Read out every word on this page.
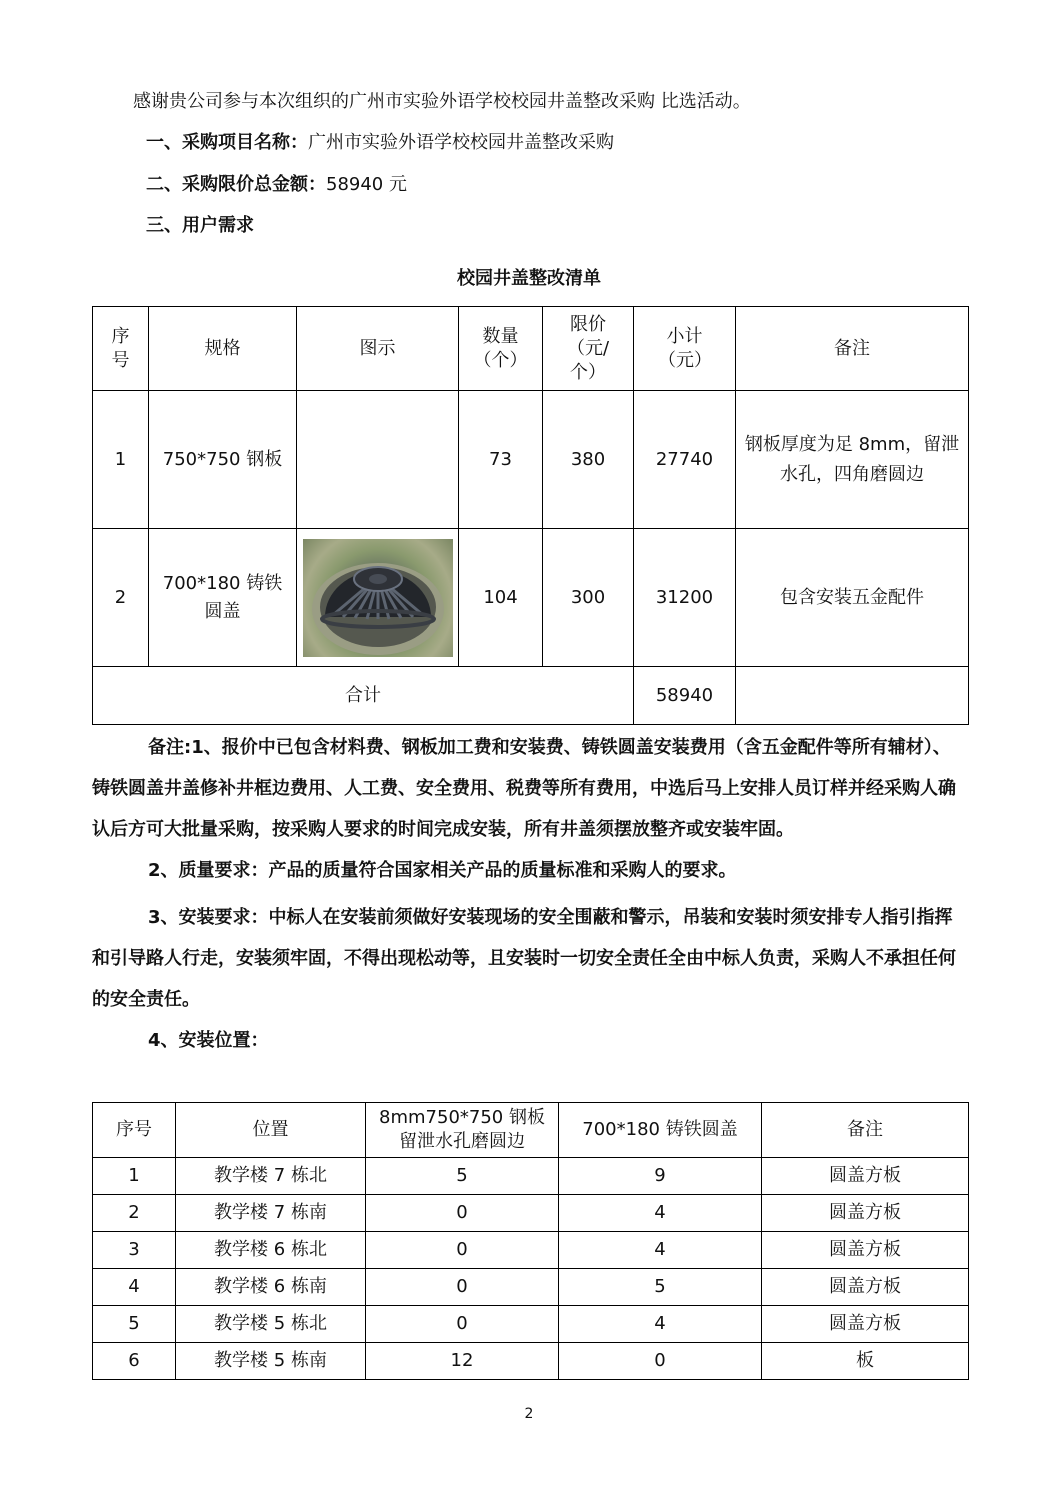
感谢贵公司参与本次组织的广州市实验外语学校校园井盖整改采购 比选活动。
一、采购项目名称：广州市实验外语学校校园井盖整改采购
二、采购限价总金额：58940 元
三、用户需求
校园井盖整改清单
序号	规格	图示	数量（个）	限价（元/个）	小计（元）	备注
1	750*750 钢板		73	380	27740	钢板厚度为足 8mm，留泄水孔，四角磨圆边
2	700*180 铸铁圆盖		104	300	31200	包含安装五金配件
合计					58940	

备注:1、报价中已包含材料费、钢板加工费和安装费、铸铁圆盖安装费用（含五金配件等所有辅材）、铸铁圆盖井盖修补井框边费用、人工费、安全费用、税费等所有费用，中选后马上安排人员订样并经采购人确认后方可大批量采购，按采购人要求的时间完成安装，所有井盖须摆放整齐或安装牢固。

2、质量要求：产品的质量符合国家相关产品的质量标准和采购人的要求。

3、安装要求：中标人在安装前须做好安装现场的安全围蔽和警示，吊装和安装时须安排专人指引指挥和引导路人行走，安装须牢固，不得出现松动等，且安装时一切安全责任全由中标人负责，采购人不承担任何的安全责任。

4、安装位置：

序号	位置	8mm750*750 钢板留泄水孔磨圆边	700*180 铸铁圆盖	备注
1	教学楼 7 栋北	5	9	圆盖方板
2	教学楼 7 栋南	0	4	圆盖方板
3	教学楼 6 栋北	0	4	圆盖方板
4	教学楼 6 栋南	0	5	圆盖方板
5	教学楼 5 栋北	0	4	圆盖方板
6	教学楼 5 栋南	12	0	板
2
